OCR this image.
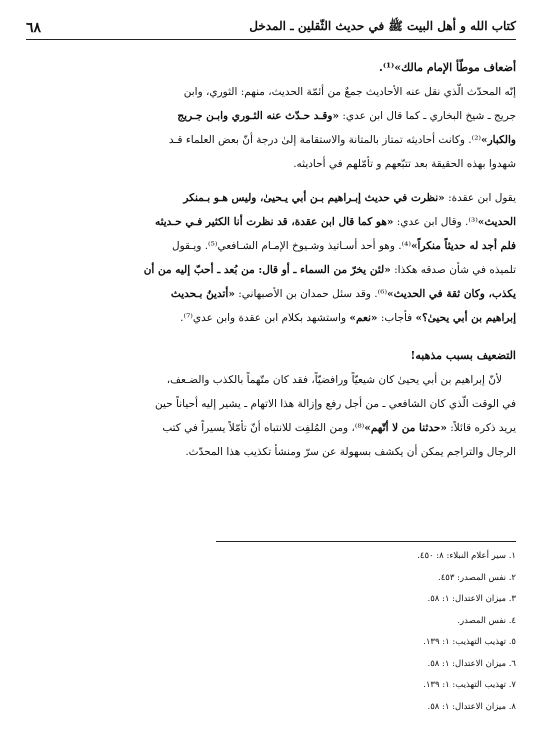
كتاب الله و أهل البيت ﷺ في حديث الثّقلين ـ المدخل
٦٨

أضعاف موطّأ الإمام مالك»⁽¹⁾.

إنّه المحدّث الّذي نقل عنه الأحاديث جمعٌ من أئمّة الحديث، منهم: الثوري، وابن

جريج ـ شيخ البخاري ـ كما قال ابن عدي: «وقـد حـدّث عنه الثـوري وابـن جـريج

والكبار»⁽²⁾. وكانت أحاديثه تمتاز بالمتانة والاستقامة إلىٰ درجة أنّ بعض العلماء قـد

شهدوا بهذه الحقيقة بعد تتبّعهم و تأمّلهم في أحاديثه.

يقول ابن عقدة: «نظرت في حديث إبـراهيم بـن أبي يـحيىٰ، وليس هـو بـمنكر

الحديث»⁽³⁾. وقال ابن عدي: «هو كما قال ابن عقدة، قد نظرت أنا الكثير فـي حـديثه

فلم أجد له حديثاً منكراً»⁽⁴⁾. وهو أحد أسـاتيذ وشـيوخ الإمـام الشـافعي⁽⁵⁾. ويـقول

تلميذه في شأن صدقه هكذا: «لئن يخرّ من السماء ـ أو قال: من بُعد ـ أحبّ إليه من أن

يكذب، وكان ثقة في الحديث»⁽⁶⁾. وقد سئل حمدان بن الأصبهاني: «أتدينُ بـحديث

إبراهيم بن أبي يحيىٰ؟» فأجاب: «نعم» واستشهد بكلام ابن عقدة وابن عدي⁽⁷⁾.

التضعيف بسبب مذهبه!

لأنّ إبراهيم بن أبي يحيىٰ كان شيعيّاً ورافضيّاً، فقد كان متّهماً بالكذب والضـعف،

في الوقت الّذي كان الشافعي ـ من أجل رفع وإزالة هذا الاتهام ـ يشير إليه أحياناً حين

يريد ذكره قائلاً: «حدثنا من لا أتّهم»⁽⁸⁾، ومن المُلفِت للانتباه أنّ تأمّلاً يسيراً في كتب

الرجال والتراجم يمكن أن يكشف بسهولة عن سرّ ومنشأ تكذيب هذا المحدّث.

١. سير أعلام النبلاء: ٨: ٤٥٠.
٢. نفس المصدر: ٤٥٣.
٣. ميزان الاعتدال: ١: ٥٨.
٤. نفس المصدر.
٥. تهذيب التهذيب: ١: ١٣٩.
٦. ميزان الاعتدال: ١: ٥٨.
٧. تهذيب التهذيب: ١: ١٣٩.
٨. ميزان الاعتدال: ١: ٥٨.
